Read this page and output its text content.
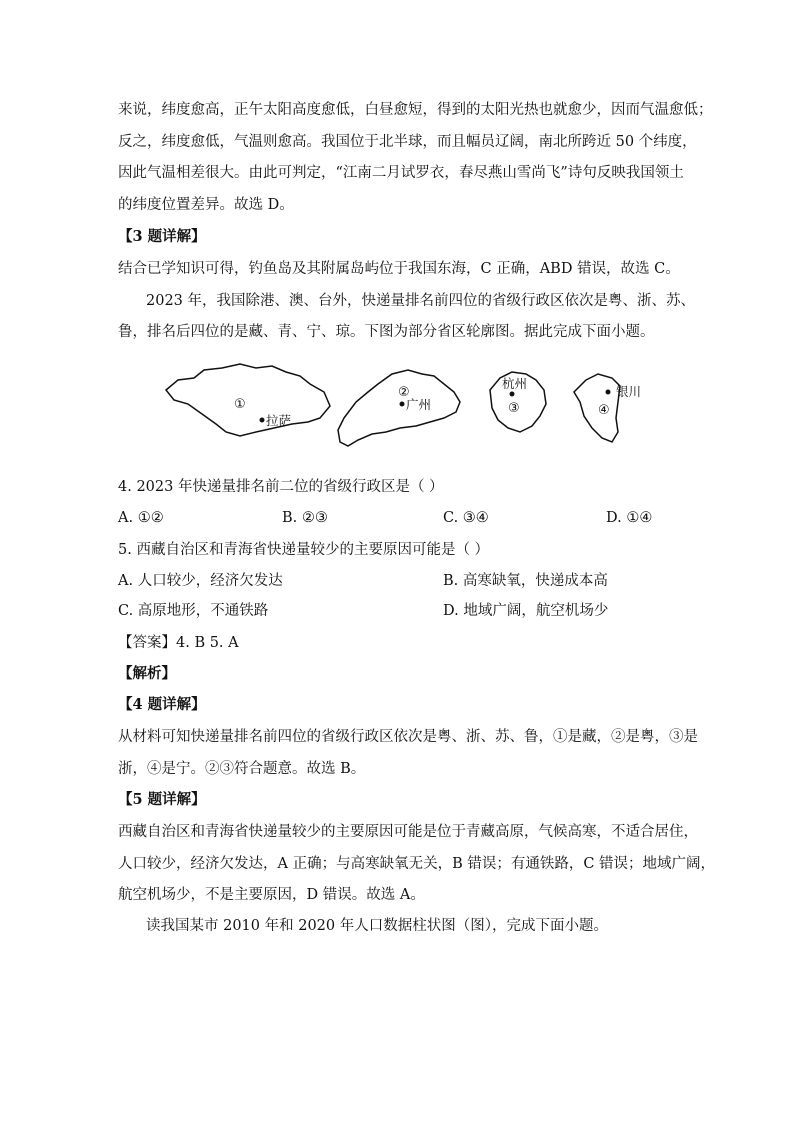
来说，纬度愈高，正午太阳高度愈低，白昼愈短，得到的太阳光热也就愈少，因而气温愈低；
反之，纬度愈低，气温则愈高。我国位于北半球，而且幅员辽阔，南北所跨近 50 个纬度，
因此气温相差很大。由此可判定，“江南二月试罗衣，春尽燕山雪尚飞”诗句反映我国领土
的纬度位置差异。故选 D。
【3 题详解】
结合已学知识可得，钓鱼岛及其附属岛屿位于我国东海，C 正确，ABD 错误，故选 C。
2023 年，我国除港、澳、台外，快递量排名前四位的省级行政区依次是粤、浙、苏、
鲁，排名后四位的是藏、青、宁、琼。下图为部分省区轮廓图。据此完成下面小题。
①
拉萨
②
广州
杭州
③
银川
④
4. 2023 年快递量排名前二位的省级行政区是（ ）
A. ①②	B. ②③	C. ③④	D. ①④
5. 西藏自治区和青海省快递量较少的主要原因可能是（ ）
A. 人口较少，经济欠发达	B. 高寒缺氧，快递成本高
C. 高原地形，不通铁路	D. 地域广阔，航空机场少
【答案】4. B 5. A
【解析】
【4 题详解】
从材料可知快递量排名前四位的省级行政区依次是粤、浙、苏、鲁，①是藏，②是粤，③是
浙，④是宁。②③符合题意。故选 B。
【5 题详解】
西藏自治区和青海省快递量较少的主要原因可能是位于青藏高原，气候高寒，不适合居住，
人口较少，经济欠发达，A 正确；与高寒缺氧无关，B 错误；有通铁路，C 错误；地域广阔，
航空机场少，不是主要原因，D 错误。故选 A。
读我国某市 2010 年和 2020 年人口数据柱状图（图），完成下面小题。
